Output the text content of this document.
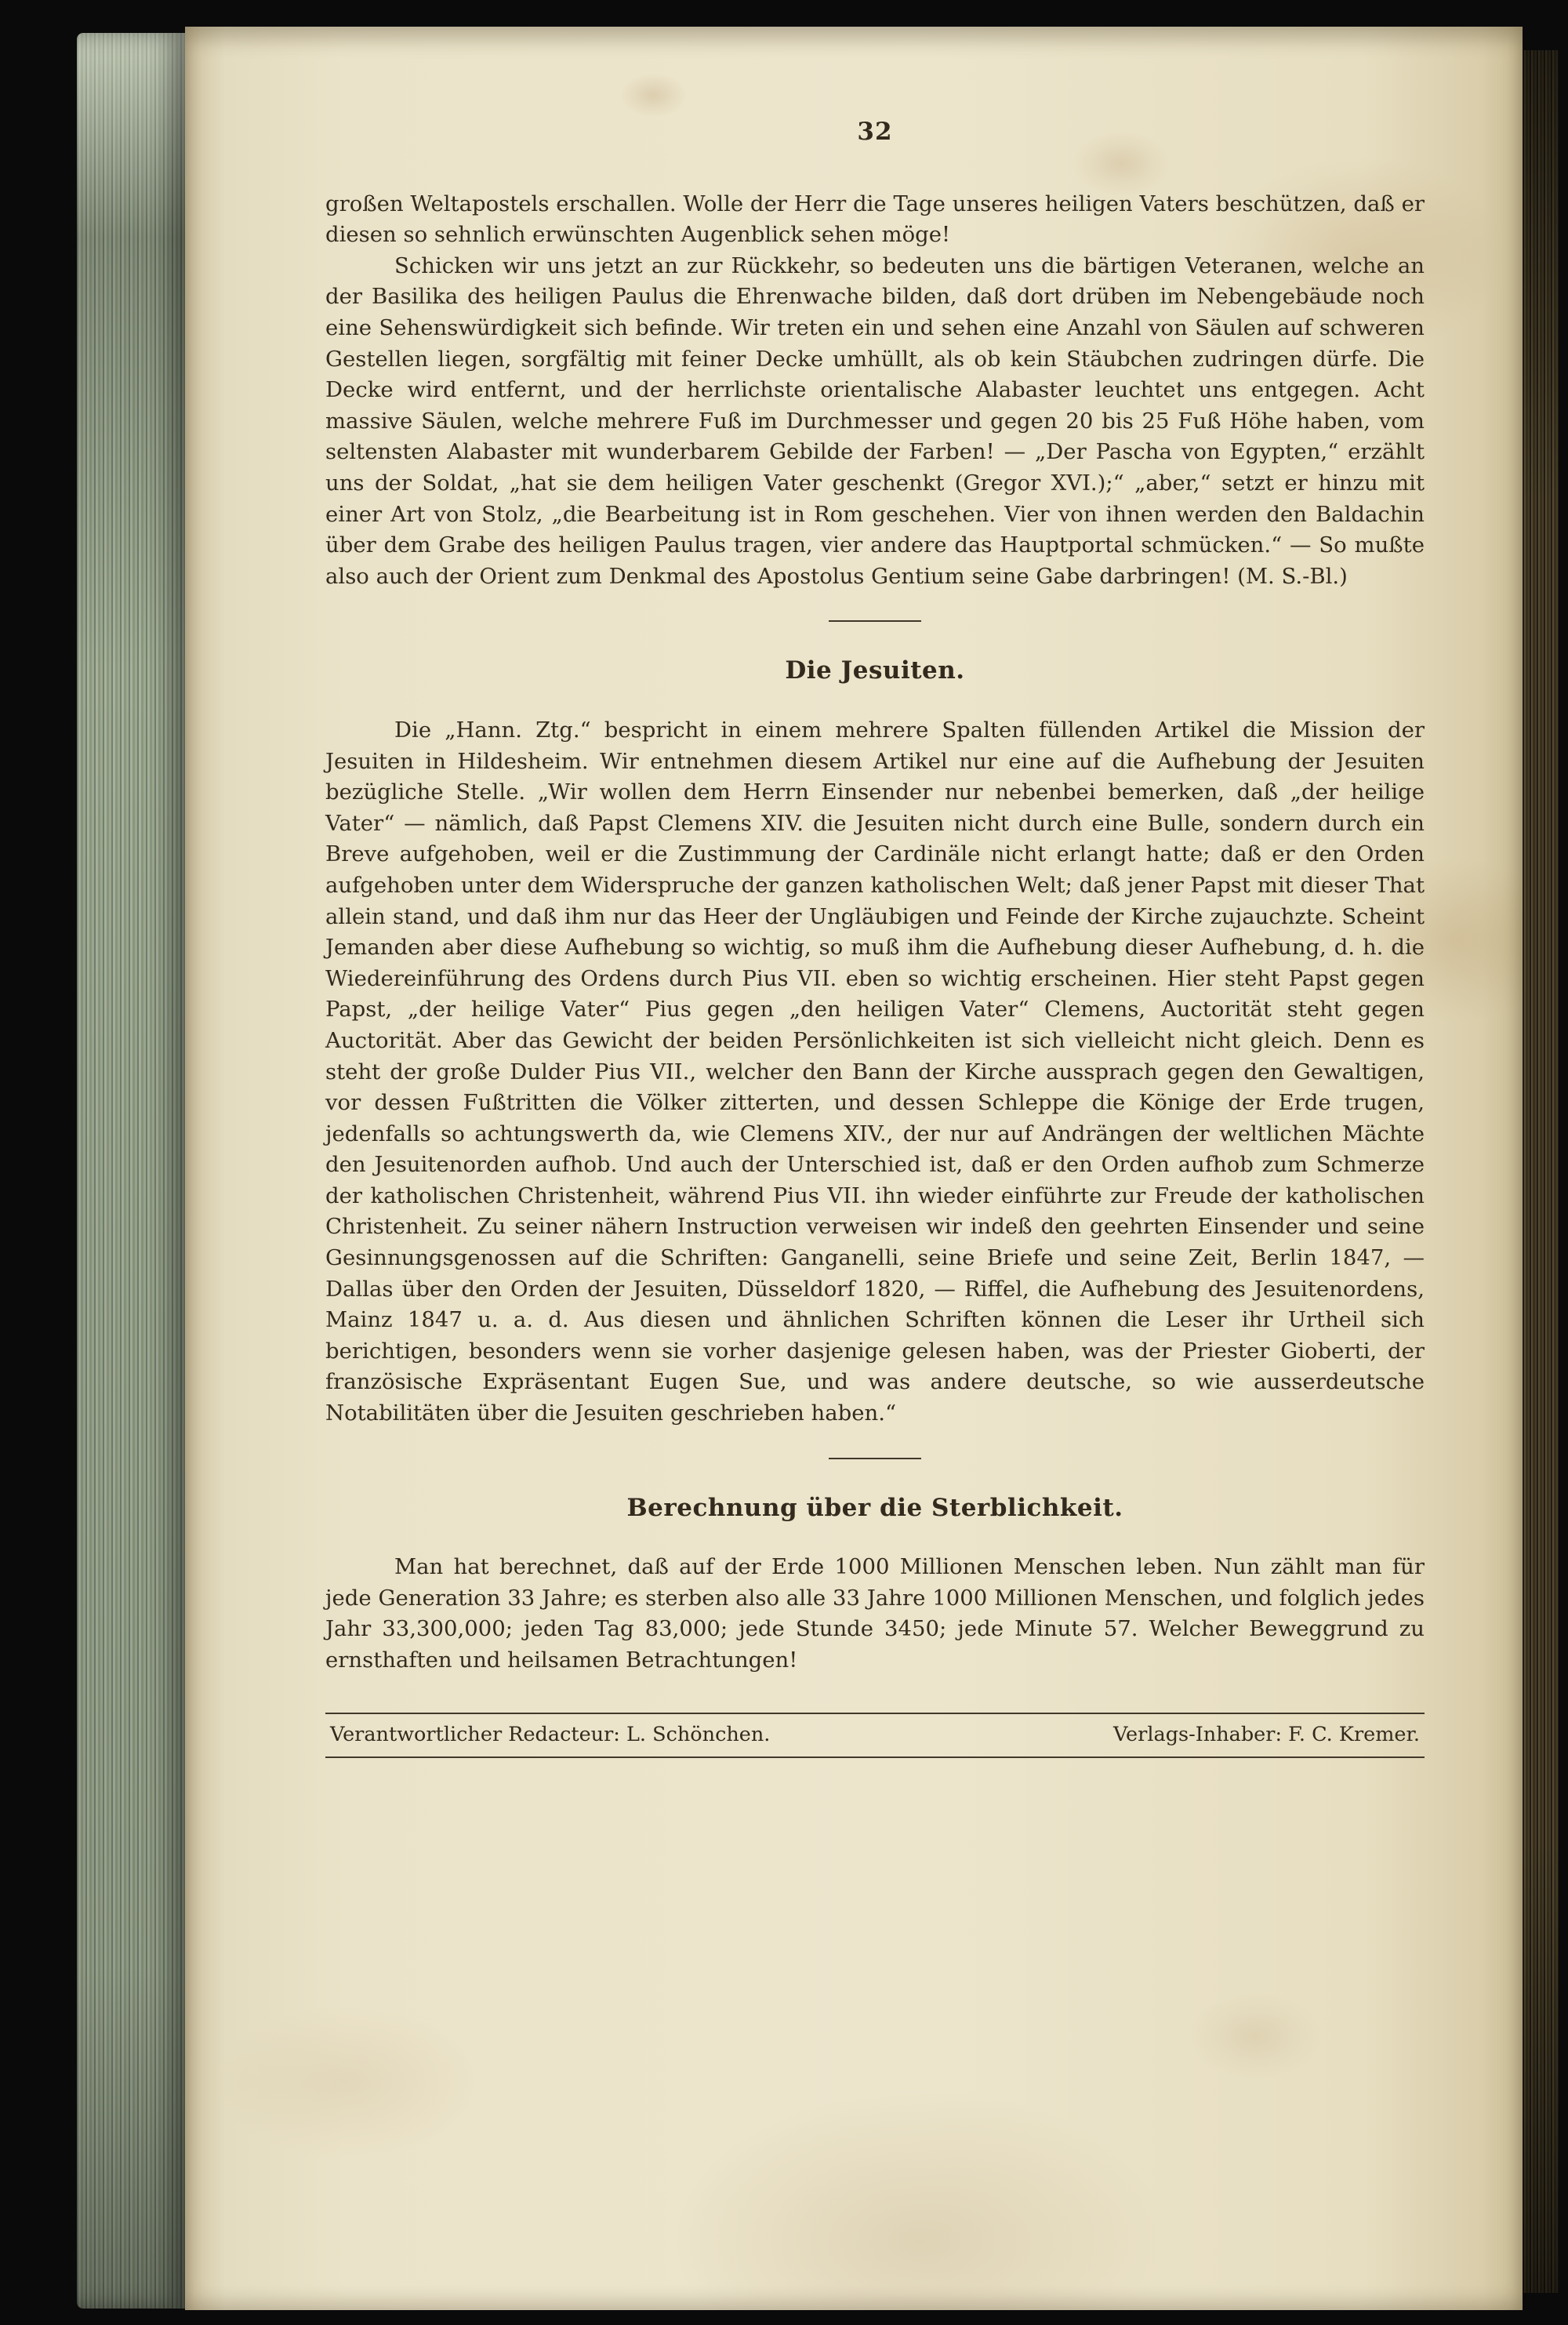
32

großen Weltapostels erschallen. Wolle der Herr die Tage unseres heiligen Vaters beschützen, daß er diesen so sehnlich erwünschten Augenblick sehen möge!

Schicken wir uns jetzt an zur Rückkehr, so bedeuten uns die bärtigen Veteranen, welche an der Basilika des heiligen Paulus die Ehrenwache bilden, daß dort drüben im Nebengebäude noch eine Sehenswürdigkeit sich befinde. Wir treten ein und sehen eine Anzahl von Säulen auf schweren Gestellen liegen, sorgfältig mit feiner Decke umhüllt, als ob kein Stäubchen zudringen dürfe. Die Decke wird entfernt, und der herrlichste orientalische Alabaster leuchtet uns entgegen. Acht massive Säulen, welche mehrere Fuß im Durchmesser und gegen 20 bis 25 Fuß Höhe haben, vom seltensten Alabaster mit wunderbarem Gebilde der Farben! — „Der Pascha von Egypten,“ erzählt uns der Soldat, „hat sie dem heiligen Vater geschenkt (Gregor XVI.);“ „aber,“ setzt er hinzu mit einer Art von Stolz, „die Bearbeitung ist in Rom geschehen. Vier von ihnen werden den Baldachin über dem Grabe des heiligen Paulus tragen, vier andere das Hauptportal schmücken.“ — So mußte also auch der Orient zum Denkmal des Apostolus Gentium seine Gabe darbringen! (M. S.-Bl.)

Die Jesuiten.

Die „Hann. Ztg.“ bespricht in einem mehrere Spalten füllenden Artikel die Mission der Jesuiten in Hildesheim. Wir entnehmen diesem Artikel nur eine auf die Aufhebung der Jesuiten bezügliche Stelle. „Wir wollen dem Herrn Einsender nur nebenbei bemerken, daß „der heilige Vater“ — nämlich, daß Papst Clemens XIV. die Jesuiten nicht durch eine Bulle, sondern durch ein Breve aufgehoben, weil er die Zustimmung der Cardinäle nicht erlangt hatte; daß er den Orden aufgehoben unter dem Widerspruche der ganzen katholischen Welt; daß jener Papst mit dieser That allein stand, und daß ihm nur das Heer der Ungläubigen und Feinde der Kirche zujauchzte. Scheint Jemanden aber diese Aufhebung so wichtig, so muß ihm die Aufhebung dieser Aufhebung, d. h. die Wiedereinführung des Ordens durch Pius VII. eben so wichtig erscheinen. Hier steht Papst gegen Papst, „der heilige Vater“ Pius gegen „den heiligen Vater“ Clemens, Auctorität steht gegen Auctorität. Aber das Gewicht der beiden Persönlichkeiten ist sich vielleicht nicht gleich. Denn es steht der große Dulder Pius VII., welcher den Bann der Kirche aussprach gegen den Gewaltigen, vor dessen Fußtritten die Völker zitterten, und dessen Schleppe die Könige der Erde trugen, jedenfalls so achtungswerth da, wie Clemens XIV., der nur auf Andrängen der weltlichen Mächte den Jesuitenorden aufhob. Und auch der Unterschied ist, daß er den Orden aufhob zum Schmerze der katholischen Christenheit, während Pius VII. ihn wieder einführte zur Freude der katholischen Christenheit. Zu seiner nähern Instruction verweisen wir indeß den geehrten Einsender und seine Gesinnungsgenossen auf die Schriften: Ganganelli, seine Briefe und seine Zeit, Berlin 1847, — Dallas über den Orden der Jesuiten, Düsseldorf 1820, — Riffel, die Aufhebung des Jesuitenordens, Mainz 1847 u. a. d. Aus diesen und ähnlichen Schriften können die Leser ihr Urtheil sich berichtigen, besonders wenn sie vorher dasjenige gelesen haben, was der Priester Gioberti, der französische Expräsentant Eugen Sue, und was andere deutsche, so wie ausserdeutsche Notabilitäten über die Jesuiten geschrieben haben.“

Berechnung über die Sterblichkeit.

Man hat berechnet, daß auf der Erde 1000 Millionen Menschen leben. Nun zählt man für jede Generation 33 Jahre; es sterben also alle 33 Jahre 1000 Millionen Menschen, und folglich jedes Jahr 33,300,000; jeden Tag 83,000; jede Stunde 3450; jede Minute 57. Welcher Beweggrund zu ernsthaften und heilsamen Betrachtungen!

Verantwortlicher Redacteur: L. Schönchen.	Verlags-Inhaber: F. C. Kremer.
